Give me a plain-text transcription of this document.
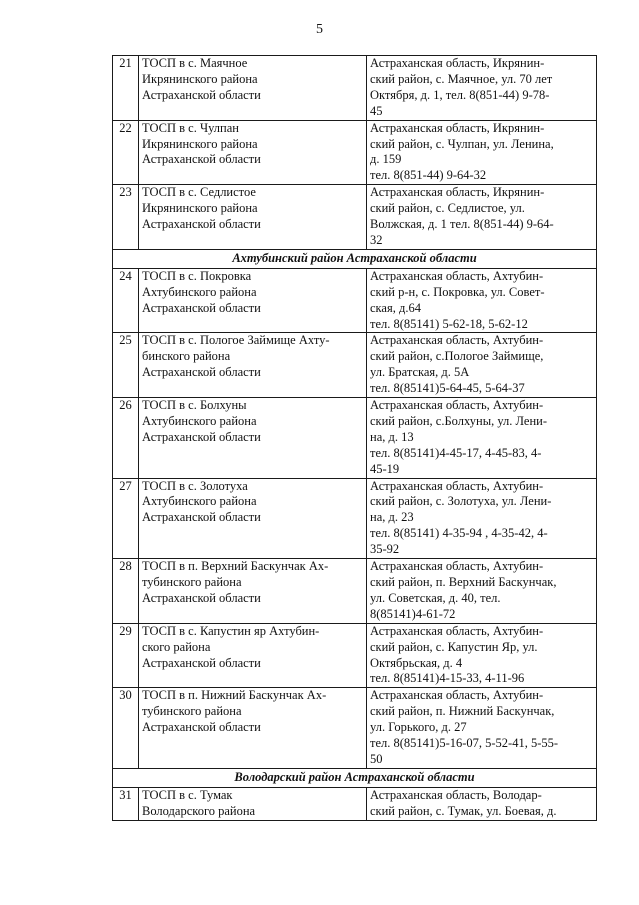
5
21	ТОСП в с. Маячное
Икрянинского района
Астраханской области	Астраханская область, Икрянин-
ский район, с. Маячное, ул. 70 лет
Октября, д. 1, тел. 8(851-44) 9-78-
45

22	ТОСП в с. Чулпан
Икрянинского района
Астраханской области	Астраханская область, Икрянин-
ский район, с. Чулпан, ул. Ленина,
д. 159
тел. 8(851-44) 9-64-32

23	ТОСП в с. Седлистое
Икрянинского района
Астраханской области	Астраханская область, Икрянин-
ский район, с. Седлистое, ул.
Волжская, д. 1 тел. 8(851-44) 9-64-
32

Ахтубинский район Астраханской области		
24	ТОСП в с. Покровка
Ахтубинского района
Астраханской области	Астраханская область, Ахтубин-
ский р-н, с. Покровка, ул. Совет-
ская, д.64
тел. 8(85141) 5-62-18, 5-62-12

25	ТОСП в с. Пологое Займище Ахту-
бинского района
Астраханской области	Астраханская область, Ахтубин-
ский район, с.Пологое Займище,
ул. Братская, д. 5А
тел. 8(85141)5-64-45, 5-64-37

26	ТОСП в с. Болхуны
Ахтубинского района
Астраханской области	Астраханская область, Ахтубин-
ский район, с.Болхуны, ул. Лени-
на, д. 13
тел. 8(85141)4-45-17, 4-45-83, 4-
45-19

27	ТОСП в с. Золотуха
Ахтубинского района
Астраханской области	Астраханская область, Ахтубин-
ский район, с. Золотуха, ул. Лени-
на, д. 23
тел. 8(85141) 4-35-94 , 4-35-42, 4-
35-92

28	ТОСП в п. Верхний Баскунчак Ах-
тубинского района
Астраханской области	Астраханская область, Ахтубин-
ский район, п. Верхний Баскунчак,
ул. Советская, д. 40, тел.
8(85141)4-61-72

29	ТОСП в с. Капустин яр Ахтубин-
ского района
Астраханской области	Астраханская область, Ахтубин-
ский район, с. Капустин Яр, ул.
Октябрьская, д. 4
тел. 8(85141)4-15-33, 4-11-96

30	ТОСП в п. Нижний Баскунчак Ах-
тубинского района
Астраханской области	Астраханская область, Ахтубин-
ский район, п. Нижний Баскунчак,
ул. Горького, д. 27
тел. 8(85141)5-16-07, 5-52-41, 5-55-
50

Володарский район Астраханской области		
31	ТОСП в с. Тумак
Володарского района	Астраханская область, Володар-
ский район, с. Тумак, ул. Боевая, д.
